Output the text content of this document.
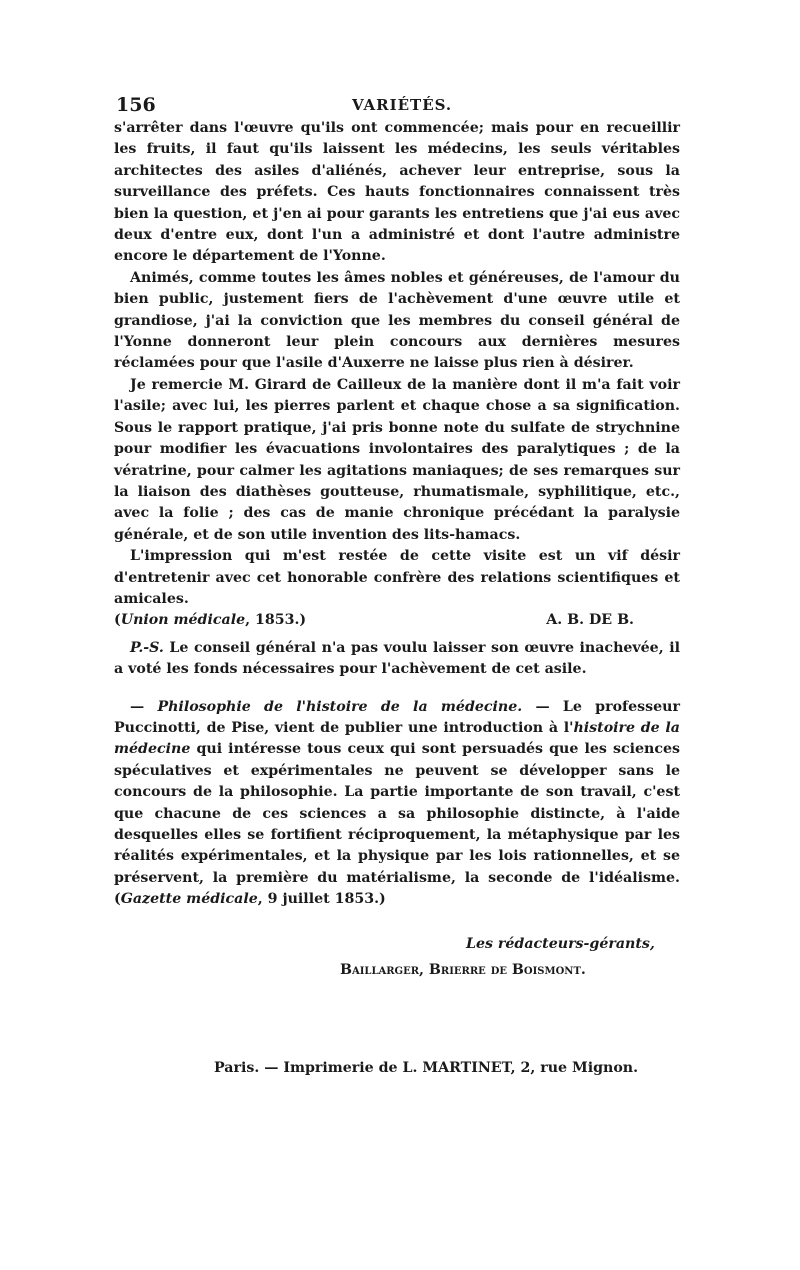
156	VARIÉTÉS.

s'arrêter dans l'œuvre qu'ils ont commencée; mais pour en recueillir les fruits, il faut qu'ils laissent les médecins, les seuls véritables architectes des asiles d'aliénés, achever leur entreprise, sous la surveillance des préfets. Ces hauts fonctionnaires connaissent très bien la question, et j'en ai pour garants les entretiens que j'ai eus avec deux d'entre eux, dont l'un a administré et dont l'autre administre encore le département de l'Yonne.

Animés, comme toutes les âmes nobles et généreuses, de l'amour du bien public, justement fiers de l'achèvement d'une œuvre utile et grandiose, j'ai la conviction que les membres du conseil général de l'Yonne donneront leur plein concours aux dernières mesures réclamées pour que l'asile d'Auxerre ne laisse plus rien à désirer.

Je remercie M. Girard de Cailleux de la manière dont il m'a fait voir l'asile; avec lui, les pierres parlent et chaque chose a sa signification. Sous le rapport pratique, j'ai pris bonne note du sulfate de strychnine pour modifier les évacuations involontaires des paralytiques ; de la vératrine, pour calmer les agitations maniaques; de ses remarques sur la liaison des diathèses goutteuse, rhumatismale, syphilitique, etc., avec la folie ; des cas de manie chronique précédant la paralysie générale, et de son utile invention des lits-hamacs.

L'impression qui m'est restée de cette visite est un vif désir d'entretenir avec cet honorable confrère des relations scientifiques et amicales.

(Union médicale, 1853.)	A. B. DE B.

P.-S. Le conseil général n'a pas voulu laisser son œuvre inachevée, il a voté les fonds nécessaires pour l'achèvement de cet asile.

— Philosophie de l'histoire de la médecine. — Le professeur Puccinotti, de Pise, vient de publier une introduction à l'histoire de la médecine qui intéresse tous ceux qui sont persuadés que les sciences spéculatives et expérimentales ne peuvent se développer sans le concours de la philosophie. La partie importante de son travail, c'est que chacune de ces sciences a sa philosophie distincte, à l'aide desquelles elles se fortifient réciproquement, la métaphysique par les réalités expérimentales, et la physique par les lois rationnelles, et se préservent, la première du matérialisme, la seconde de l'idéalisme. (Gazette médicale, 9 juillet 1853.)

Les rédacteurs-gérants,
Baillarger, Brierre de Boismont.
Paris. — Imprimerie de L. MARTINET, 2, rue Mignon.
